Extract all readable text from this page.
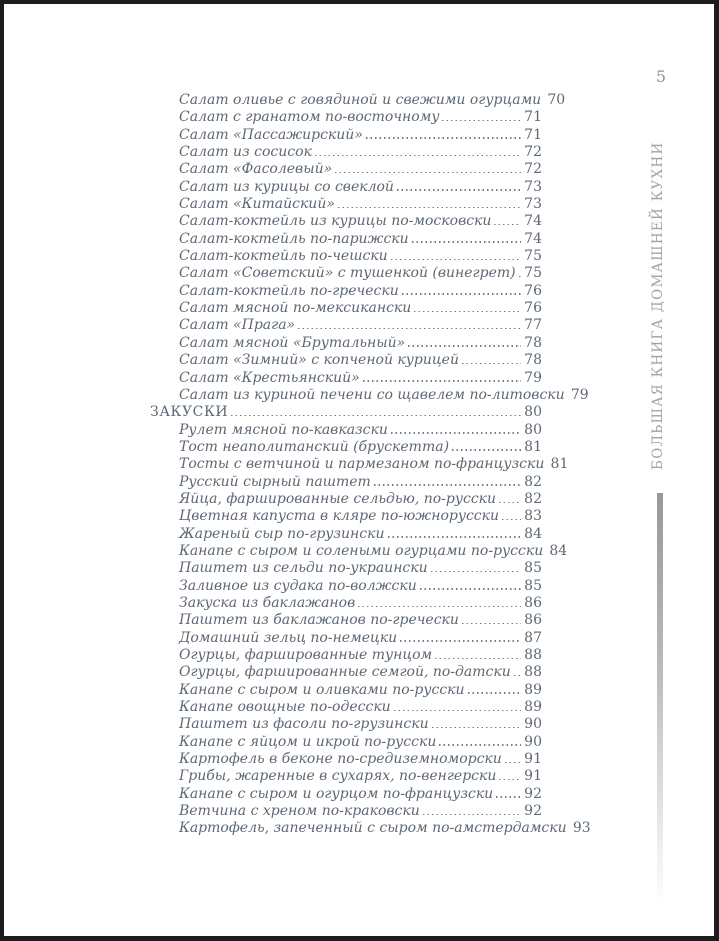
5
БОЛЬШАЯ КНИГА ДОМАШНЕЙ КУХНИ
Салат оливье с говядиной и свежими огурцами 70
Салат с гранатом по-восточному	71
Салат «Пассажирский»	71
Салат из сосисок	72
Салат «Фасолевый»	72
Салат из курицы со свеклой	73
Салат «Китайский»	73
Салат-коктейль из курицы по-московски 74
Салат-коктейль по-парижски	74
Салат-коктейль по-чешски	75
Салат «Советский» с тушенкой (винегрет) 75
Салат-коктейль по-гречески	76
Салат мясной по-мексикански	76
Салат «Прага»	77
Салат мясной «Брутальный»	78
Салат «Зимний» с копченой курицей	78
Салат «Крестьянский»	79
Салат из куриной печени со щавелем по-литовски 79
ЗАКУСКИ	80
Рулет мясной по-кавказски	80
Тост неаполитанский (брускетта)	81
Тосты с ветчиной и пармезаном по-французски 81
Русский сырный паштет	82
Яйца, фаршированные сельдью, по-русски 82
Цветная капуста в кляре по-южнорусски 83
Жареный сыр по-грузински	84
Канапе с сыром и солеными огурцами по-русски 84
Паштет из сельди по-украински	85
Заливное из судака по-волжски	85
Закуска из баклажанов	86
Паштет из баклажанов по-гречески	86
Домашний зельц по-немецки	87
Огурцы, фаршированные тунцом	88
Огурцы, фаршированные семгой, по-датски 88
Канапе с сыром и оливками по-русски	89
Канапе овощные по-одесски	89
Паштет из фасоли по-грузински	90
Канапе с яйцом и икрой по-русски	90
Картофель в беконе по-средиземноморски 91
Грибы, жаренные в сухарях, по-венгерски 91
Канапе с сыром и огурцом по-французски 92
Ветчина с хреном по-краковски	92
Картофель, запеченный с сыром по-амстердамски 93
